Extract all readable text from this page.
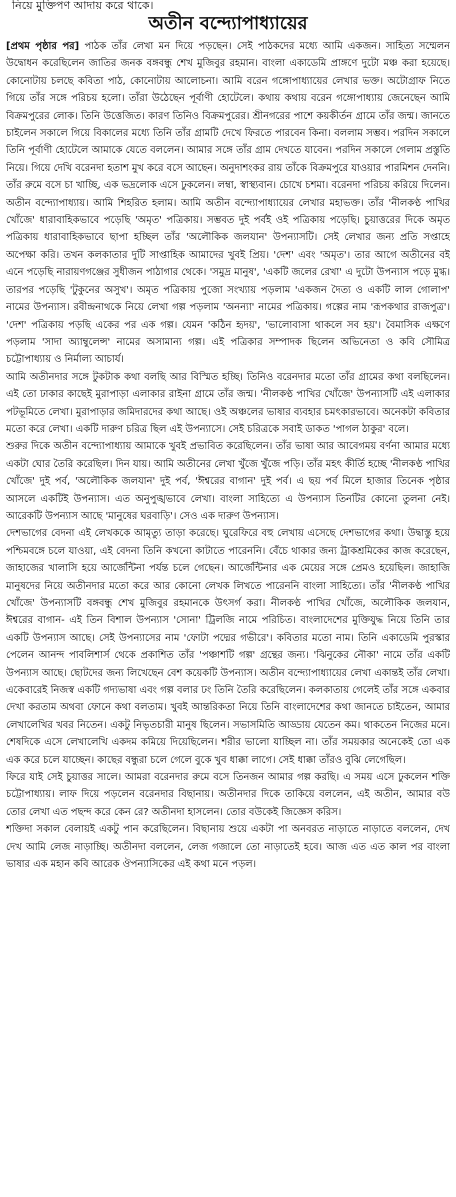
নিয়ে মুক্তিপণ আদায় করে থাকে।
অতীন বন্দ্যোপাধ্যায়ের

[প্রথম পৃষ্ঠার পর] পাঠক তাঁর লেখা মন দিয়ে পড়ছেন। সেই পাঠকদের মধ্যে আমি একজন। সাহিত্য সম্মেলন উদ্বোধন করেছিলেন জাতির জনক বঙ্গবন্ধু শেখ মুজিবুর রহমান। বাংলা একাডেমি প্রাঙ্গণে দুটো মঞ্চ করা হয়েছে। কোনোটায় চলছে কবিতা পাঠ, কোনোটায় আলোচনা। আমি বরেন গঙ্গোপাধ্যায়ের লেখার ভক্ত। অটোগ্রাফ নিতে গিয়ে তাঁর সঙ্গে পরিচয় হলো। তাঁরা উঠেছেন পূর্বাণী হোটেলে। কথায় কথায় বরেন গঙ্গোপাধ্যায় জেনেছেন আমি বিক্রমপুরের লোক। তিনি উত্তেজিত। কারণ তিনিও বিক্রমপুরের। শ্রীনগরের পাশে কয়কীর্তন গ্রামে তাঁর জন্ম। জানতে চাইলেন সকালে গিয়ে বিকালের মধ্যে তিনি তাঁর গ্রামটি দেখে ফিরতে পারবেন কিনা। বললাম সম্ভব। পরদিন সকালে তিনি পূর্বাণী হোটেলে আমাকে যেতে বললেন। আমার সঙ্গে তাঁর গ্রাম দেখতে যাবেন। পরদিন সকালে গেলাম প্রস্তুতি নিয়ে। গিয়ে দেখি বরেনদা হতাশ মুখ করে বসে আছেন। অনুদাশংকর রায় তাঁকে বিক্রমপুরে যাওয়ার পারমিশন দেননি। তাঁর রুমে বসে চা খাচ্ছি, এক ভদ্রলোক এসে ঢুকলেন। লম্বা, স্বাস্থ্যবান। চোখে চশমা। বরেনদা পরিচয় করিয়ে দিলেন। অতীন বন্দ্যোপাধ্যায়। আমি শিহরিত হলাম। আমি অতীন বন্দ্যোপাধ্যায়ের লেখার মহাভক্ত। তাঁর 'নীলকণ্ঠ পাখির খোঁজে' ধারাবাহিকভাবে পড়েছি 'অমৃত' পত্রিকায়। সম্ভবত দুই পর্বই ওই পত্রিকায় পড়েছি। চুয়াত্তরের দিকে অমৃত পত্রিকায় ধারাবাহিকভাবে ছাপা হচ্ছিল তাঁর 'অলৌকিক জলযান' উপন্যাসটি। সেই লেখার জন্য প্রতি সপ্তাহে অপেক্ষা করি। তখন কলকাতার দুটি সাপ্তাহিক আমাদের খুবই প্রিয়। 'দেশ' এবং 'অমৃত'। তার আগে অতীনের বই এনে পড়েছি নারায়ণগঞ্জের সুধীজন পাঠাগার থেকে। 'সমুদ্র মানুষ', 'একটি জলের রেখা' এ দুটো উপন্যাস পড়ে মুগ্ধ। তারপর পড়েছি 'টুকুনের অসুখ'। অমৃত পত্রিকায় পুজো সংখ্যায় পড়লাম 'একজন দৈত্য ও একটি লাল গোলাপ' নামের উপন্যাস। রবীন্দ্রনাথকে নিয়ে লেখা গল্প পড়লাম 'অনন্যা' নামের পত্রিকায়। গল্পের নাম 'রূপকথার রাজপুত্র'। 'দেশ' পত্রিকায় পড়ছি একের পর এক গল্প। যেমন 'কঠিন হৃদয়', 'ভালোবাসা থাকলে সব হয়'। বৈমাসিক এক্ষণে পড়লাম 'সাদা অ্যাম্বুলেন্স' নামের অসামান্য গল্প। এই পত্রিকার সম্পাদক ছিলেন অভিনেতা ও কবি সৌমিত্র চট্টোপাধ্যায় ও নির্মাল্য আচার্য।

আমি অতীনদার সঙ্গে টুকটাক কথা বলছি আর বিস্মিত হচ্ছি। তিনিও বরেনদার মতো তাঁর গ্রামের কথা বলছিলেন। এই তো ঢাকার কাছেই মুরাপাড়া এলাকার রাইনা গ্রামে তাঁর জন্ম। 'নীলকণ্ঠ পাখির খোঁজে' উপন্যাসটি এই এলাকার পটভূমিতে লেখা। মুরাপাড়ার জমিদারদের কথা আছে। ওই অঞ্চলের ভাষার ব্যবহার চমৎকারভাবে। অনেকটা কবিতার মতো করে লেখা। একটি দারুণ চরিত্র ছিল এই উপন্যাসে। সেই চরিত্রকে সবাই ডাকত 'পাগল ঠাকুর' বলে।

শুরুর দিকে অতীন বন্দ্যোপাধ্যায় আমাকে খুবই প্রভাবিত করেছিলেন। তাঁর ভাষা আর আবেগময় বর্ণনা আমার মধ্যে একটা ঘোর তৈরি করেছিল। দিন যায়। আমি অতীনের লেখা খুঁজে খুঁজে পড়ি। তাঁর মহৎ কীর্তি হচ্ছে 'নীলকণ্ঠ পাখির খোঁজে' দুই পর্ব, 'অলৌকিক জলযান' দুই পর্ব, 'ঈশ্বরের বাগান' দুই পর্ব। এ ছয় পর্ব মিলে হাজার তিনেক পৃষ্ঠার আসলে একটিই উপন্যাস। এত অনুপুঙ্খভাবে লেখা। বাংলা সাহিত্যে এ উপন্যাস তিনটির কোনো তুলনা নেই। আরেকটি উপন্যাস আছে 'মানুষের ঘরবাড়ি'। সেও এক দারুণ উপন্যাস।

দেশভাগের বেদনা এই লেখককে আমৃত্যু তাড়া করেছে। ঘুরেফিরে বহু লেখায় এসেছে দেশভাগের কথা। উদ্বাস্তু হয়ে পশ্চিমবঙ্গে চলে যাওয়া, এই বেদনা তিনি কখনো কাটাতে পারেননি। বেঁচে থাকার জন্য ট্রাকশ্রমিকের কাজ করেছেন, জাহাজের খালাসি হয়ে আর্জেন্টিনা পর্যন্ত চলে গেছেন। আর্জেন্টিনার এক মেয়ের সঙ্গে প্রেমও হয়েছিল। জাহাজি মানুষদের নিয়ে অতীনদার মতো করে আর কোনো লেখক লিখতে পারেননি বাংলা সাহিত্যে। তাঁর 'নীলকণ্ঠ পাখির খোঁজে' উপন্যাসটি বঙ্গবন্ধু শেখ মুজিবুর রহমানকে উৎসর্গ করা। নীলকণ্ঠ পাখির খোঁজে, অলৌকিক জলযান, ঈশ্বরের বাগান- এই তিন বিশাল উপন্যাস 'সোনা' ট্রিলজি নামে পরিচিত। বাংলাদেশের মুক্তিযুদ্ধ নিয়ে তিনি তার একটি উপন্যাস আছে। সেই উপন্যাসের নাম 'ফোটা পদ্মের গভীরে'। কবিতার মতো নাম। তিনি একাডেমি পুরস্কার পেলেন আনন্দ পাবলিশার্স থেকে প্রকাশিত তাঁর 'পঞ্চাশটি গল্প' গ্রন্থের জন্য। 'ঝিনুকের নৌকা' নামে তাঁর একটি উপন্যাস আছে। ছোটদের জন্য লিখেছেন বেশ কয়েকটি উপন্যাস। অতীন বন্দ্যোপাধ্যায়ের লেখা একান্তই তাঁর লেখা। একেবারেই নিজস্ব একটি গদ্যভাষা এবং গল্প বলার ঢং তিনি তৈরি করেছিলেন। কলকাতায় গেলেই তাঁর সঙ্গে একবার দেখা করতাম অথবা ফোনে কথা বলতাম। খুবই আন্তরিকতা নিয়ে তিনি বাংলাদেশের কথা জানতে চাইতেন, আমার লেখালেখির খবর নিতেন। একটু নিভৃতচারী মানুষ ছিলেন। সভাসমিতি আড্ডায় যেতেন কম। থাকতেন নিজের মনে। শেষদিকে এসে লেখালেখি একদম কমিয়ে দিয়েছিলেন। শরীর ভালো যাচ্ছিল না। তাঁর সময়কার অনেকেই তো এক এক করে চলে যাচ্ছেন। কাছের বন্ধুরা চলে গেলে বুকে খুব ধাক্কা লাগে। সেই ধাক্কা তাঁরও বুঝি লেগেছিল।

ফিরে যাই সেই চুয়াত্তর সালে। আমরা বরেনদার রুমে বসে তিনজন আমার গল্প করছি। এ সময় এসে ঢুকলেন শক্তি চট্টোপাধ্যায়। লাফ দিয়ে পড়লেন বরেনদার বিছানায়। অতীনদার দিকে তাকিয়ে বললেন, এই অতীন, আমার বউ তোর লেখা এত পছন্দ করে কেন রে? অতীনদা হাসলেন। তোর বউকেই জিজ্ঞেস করিস।

শক্তিদা সকাল বেলায়ই একটু পান করেছিলেন। বিছানায় শুয়ে একটা পা অনবরত নাড়াতে নাড়াতে বললেন, দেখ দেখ আমি লেজ নাড়াচ্ছি। অতীনদা বললেন, লেজ গজালে তো নাড়াতেই হবে। আজ এত এত কাল পর বাংলা ভাষার এক মহান কবি আরেক ঔপন্যাসিকের এই কথা মনে পড়ল।
